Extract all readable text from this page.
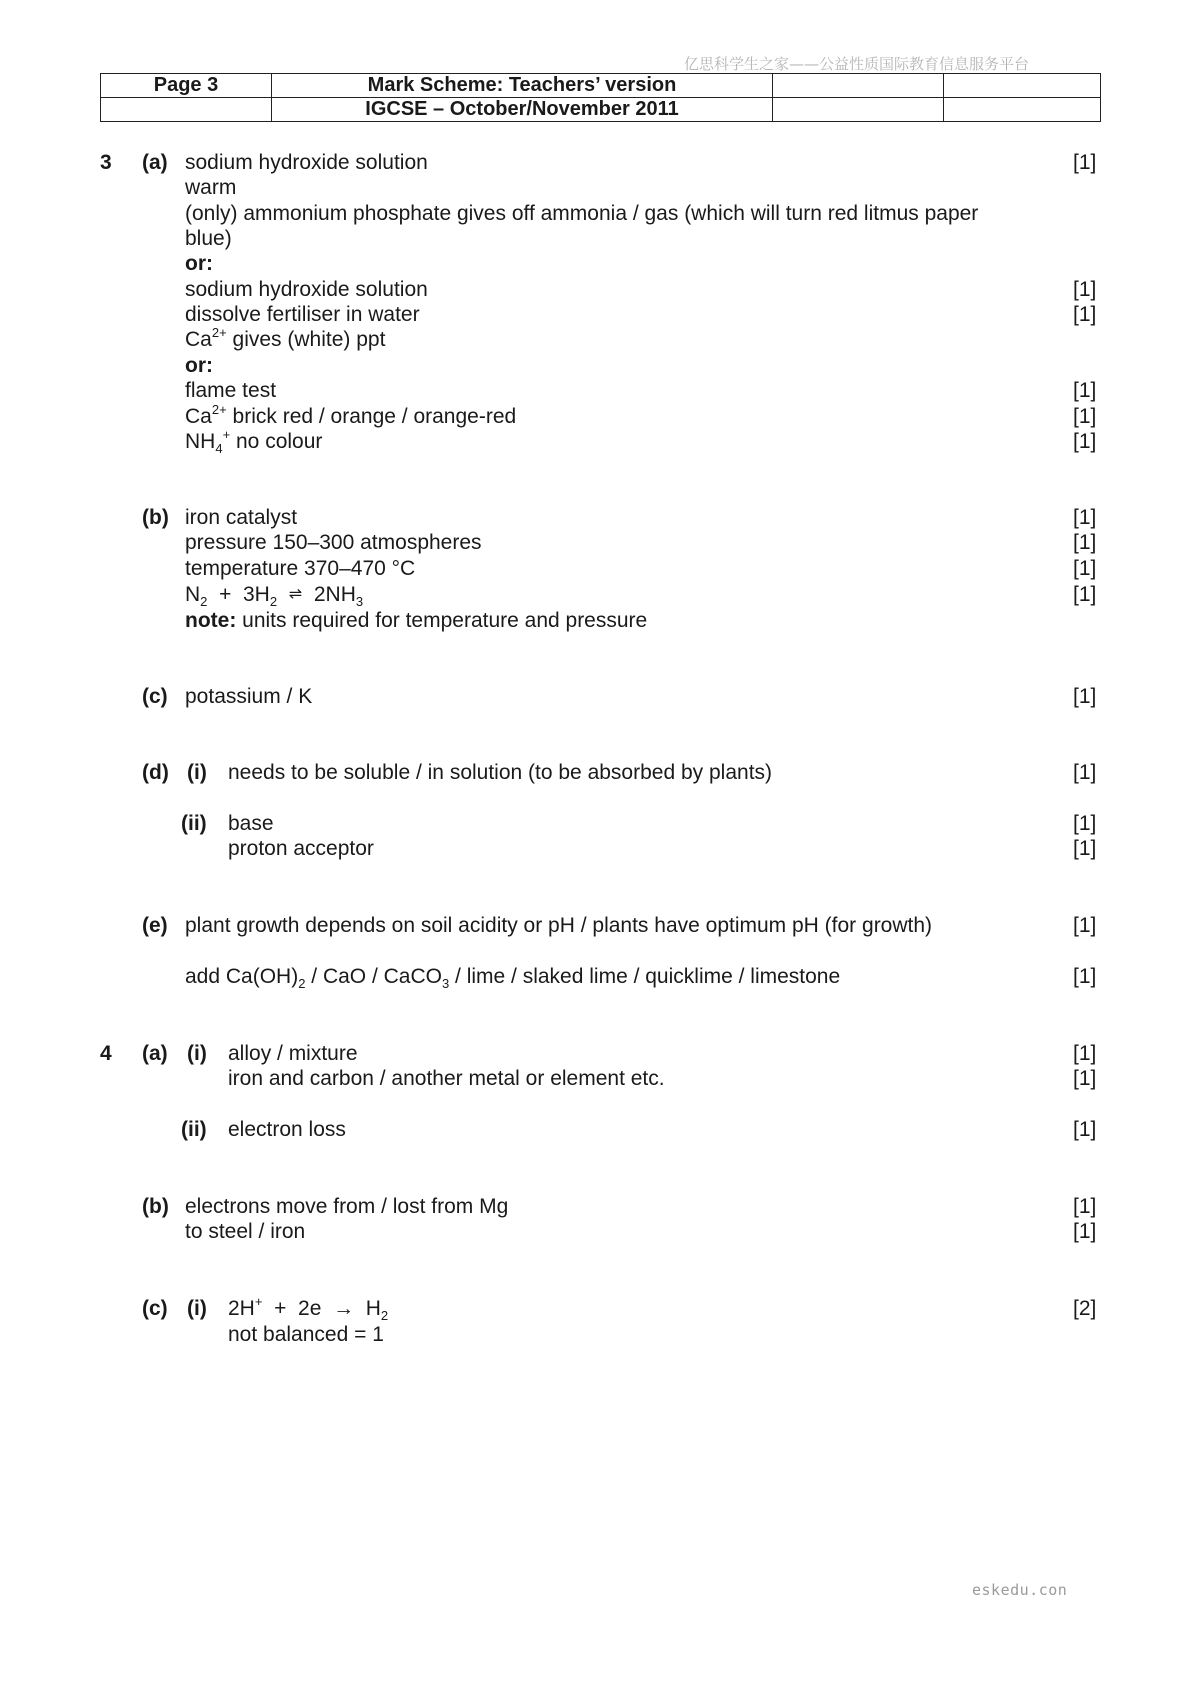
亿思科学生之家——公益性质国际教育信息服务平台
Page 3	Mark Scheme: Teachers’ version		
	IGCSE – October/November 2011		
3 (a) sodium hydroxide solution	[1]
warm
(only) ammonium phosphate gives off ammonia / gas (which will turn red litmus paper
blue)
or:
sodium hydroxide solution	[1]
dissolve fertiliser in water	[1]
$Ca^{2+}$ gives (white) ppt
or:
flame test	[1]
$Ca^{2+}$ brick red / orange / orange-red	[1]
$NH_4^+$ no colour	[1]
(b) iron catalyst	[1]
pressure 150–300 atmospheres	[1]
temperature 370–470 °C	[1]
$N_2 + 3H_2$ ⇌ $2NH_3$	[1]
note: units required for temperature and pressure
(c) potassium / K	[1]
(d) (i) needs to be soluble / in solution (to be absorbed by plants)	[1]
(ii) base	[1]
proton acceptor	[1]
(e) plant growth depends on soil acidity or pH / plants have optimum pH (for growth)	[1]
add $Ca(OH)_2$ / CaO / CaCO$_3$ / lime / slaked lime / quicklime / limestone	[1]
4 (a) (i) alloy / mixture	[1]
iron and carbon / another metal or element etc.	[1]
(ii) electron loss	[1]
(b) electrons move from / lost from Mg	[1]
to steel / iron	[1]
(c) (i) $2H^+ + 2e \to H_2$	[2]
not balanced = 1
eskedu.con
